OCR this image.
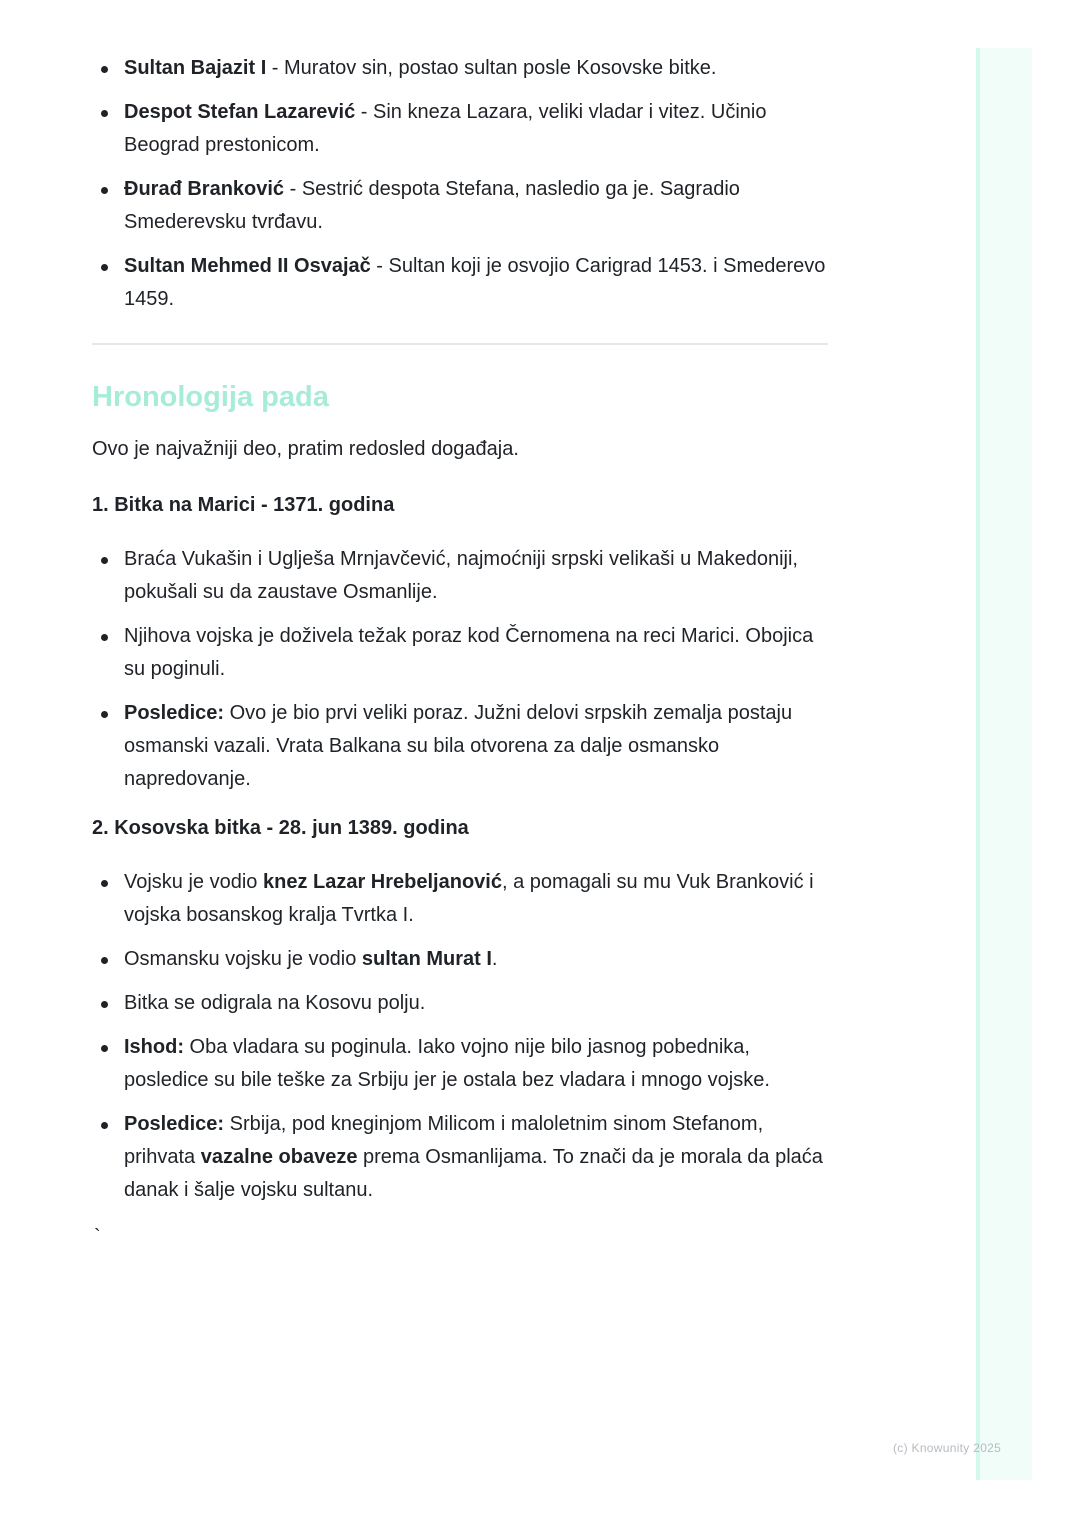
Sultan Bajazit I - Muratov sin, postao sultan posle Kosovske bitke.
Despot Stefan Lazarević - Sin kneza Lazara, veliki vladar i vitez. Učinio Beograd prestonicom.
Đurađ Branković - Sestrić despota Stefana, nasledio ga je. Sagradio Smederevsku tvrđavu.
Sultan Mehmed II Osvajač - Sultan koji je osvojio Carigrad 1453. i Smederevo 1459.
Hronologija pada

Ovo je najvažniji deo, pratim redosled događaja.

1. Bitka na Marici - 1371. godina
Braća Vukašin i Uglješa Mrnjavčević, najmoćniji srpski velikaši u Makedoniji, pokušali su da zaustave Osmanlije.
Njihova vojska je doživela težak poraz kod Černomena na reci Marici. Obojica su poginuli.
Posledice: Ovo je bio prvi veliki poraz. Južni delovi srpskih zemalja postaju osmanski vazali. Vrata Balkana su bila otvorena za dalje osmansko napredovanje.
2. Kosovska bitka - 28. jun 1389. godina
Vojsku je vodio knez Lazar Hrebeljanović, a pomagali su mu Vuk Branković i vojska bosanskog kralja Tvrtka I.
Osmansku vojsku je vodio sultan Murat I.
Bitka se odigrala na Kosovu polju.
Ishod: Oba vladara su poginula. Iako vojno nije bilo jasnog pobednika, posledice su bile teške za Srbiju jer je ostala bez vladara i mnogo vojske.
Posledice: Srbija, pod kneginjom Milicom i maloletnim sinom Stefanom, prihvata vazalne obaveze prema Osmanlijama. To znači da je morala da plaća danak i šalje vojsku sultanu.
`
(c) Knowunity 2025
